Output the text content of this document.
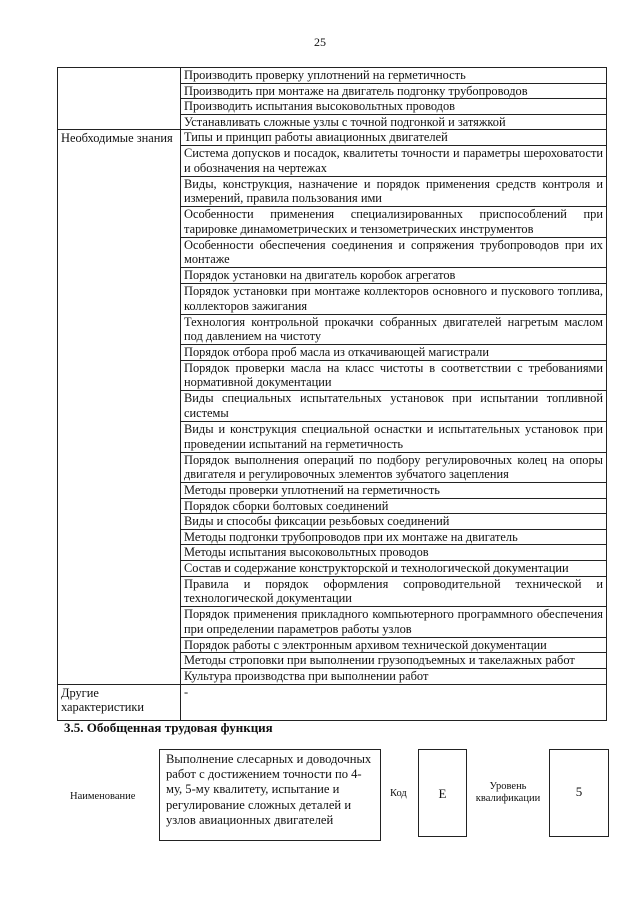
25
	Производить проверку уплотнений на герметичность
	Производить при монтаже на двигатель подгонку трубопроводов
	Производить испытания высоковольтных проводов
	Устанавливать сложные узлы с точной подгонкой и затяжкой
Необходимые знания	Типы и принцип работы авиационных двигателей
	Система допусков и посадок, квалитеты точности и параметры шероховатости и обозначения на чертежах
	Виды, конструкция, назначение и порядок применения средств контроля и измерений, правила пользования ими
	Особенности применения специализированных приспособлений при тарировке динамометрических и тензометрических инструментов
	Особенности обеспечения соединения и сопряжения трубопроводов при их монтаже
	Порядок установки на двигатель коробок агрегатов
	Порядок установки при монтаже коллекторов основного и пускового топлива, коллекторов зажигания
	Технология контрольной прокачки собранных двигателей нагретым маслом под давлением на чистоту
	Порядок отбора проб масла из откачивающей магистрали
	Порядок проверки масла на класс чистоты в соответствии с требованиями нормативной документации
	Виды специальных испытательных установок при испытании топливной системы
	Виды и конструкция специальной оснастки и испытательных установок при проведении испытаний на герметичность
	Порядок выполнения операций по подбору регулировочных колец на опоры двигателя и регулировочных элементов зубчатого зацепления
	Методы проверки уплотнений на герметичность
	Порядок сборки болтовых соединений
	Виды и способы фиксации резьбовых соединений
	Методы подгонки трубопроводов при их монтаже на двигатель
	Методы испытания высоковольтных проводов
	Состав и содержание конструкторской и технологической документации
	Правила и порядок оформления сопроводительной технической и технологической документации
	Порядок применения прикладного компьютерного программного обеспечения при определении параметров работы узлов
	Порядок работы с электронным архивом технической документации
	Методы строповки при выполнении грузоподъемных и такелажных работ
	Культура производства при выполнении работ
Другие характеристики	-
3.5. Обобщенная трудовая функция
Наименование
Выполнение слесарных и доводочных работ с достижением точности по 4-му, 5-му квалитету, испытание и регулирование сложных деталей и узлов авиационных двигателей
Код	E	Уровень квалификации	5
